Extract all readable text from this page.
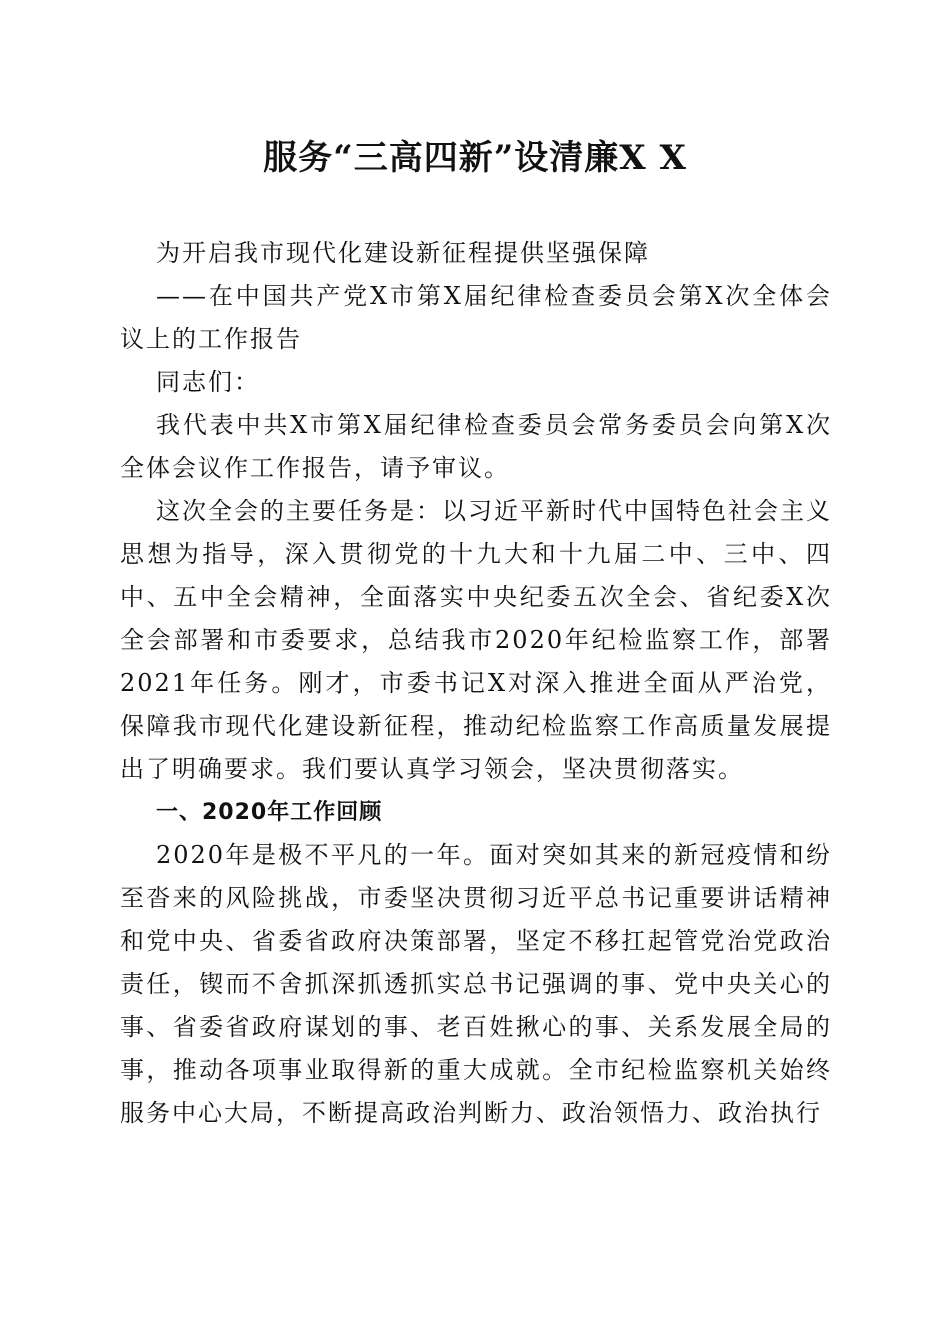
服务“三高四新”设清廉X X

为开启我市现代化建设新征程提供坚强保障

——在中国共产党X市第X届纪律检查委员会第X次全体会议上的工作报告

同志们：

我代表中共X市第X届纪律检查委员会常务委员会向第X次全体会议作工作报告，请予审议。

这次全会的主要任务是：以习近平新时代中国特色社会主义思想为指导，深入贯彻党的十九大和十九届二中、三中、四中、五中全会精神，全面落实中央纪委五次全会、省纪委X次全会部署和市委要求，总结我市2020年纪检监察工作，部署2021年任务。刚才，市委书记X对深入推进全面从严治党，保障我市现代化建设新征程，推动纪检监察工作高质量发展提出了明确要求。我们要认真学习领会，坚决贯彻落实。

一、2020年工作回顾

2020年是极不平凡的一年。面对突如其来的新冠疫情和纷至沓来的风险挑战，市委坚决贯彻习近平总书记重要讲话精神和党中央、省委省政府决策部署，坚定不移扛起管党治党政治责任，锲而不舍抓深抓透抓实总书记强调的事、党中央关心的事、省委省政府谋划的事、老百姓揪心的事、关系发展全局的事，推动各项事业取得新的重大成就。全市纪检监察机关始终服务中心大局，不断提高政治判断力、政治领悟力、政治执行
